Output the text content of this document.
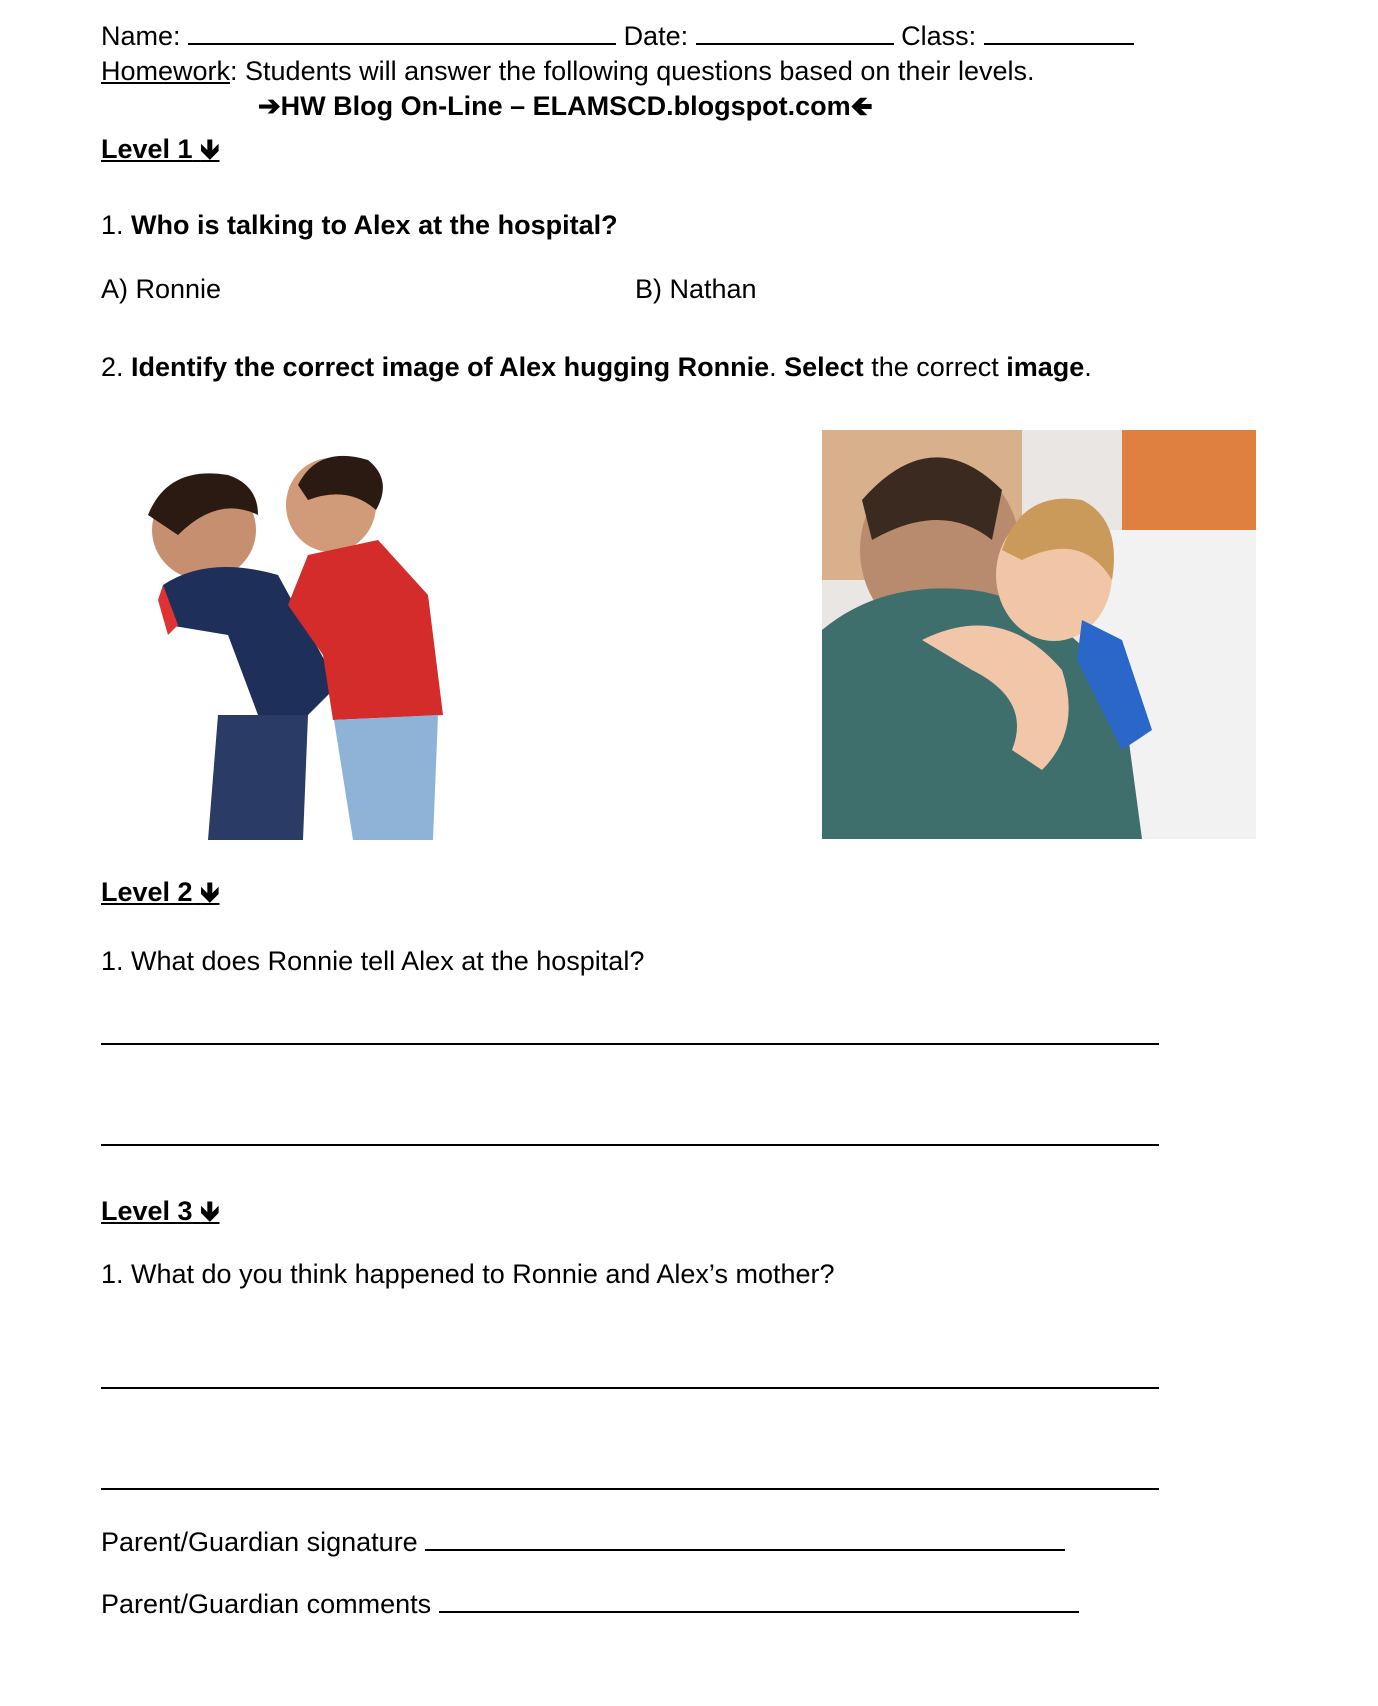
Name:	Date:	Class:
Homework: Students will answer the following questions based on their levels.
➔HW Blog On-Line – ELAMSCD.blogspot.com🡸
Level 1 🡻
1. Who is talking to Alex at the hospital?
A) Ronnie	B) Nathan
2. Identify the correct image of Alex hugging Ronnie. Select the correct image.
Level 2 🡻
1. What does Ronnie tell Alex at the hospital?
Level 3 🡻
1. What do you think happened to Ronnie and Alex’s mother?
Parent/Guardian signature
Parent/Guardian comments
